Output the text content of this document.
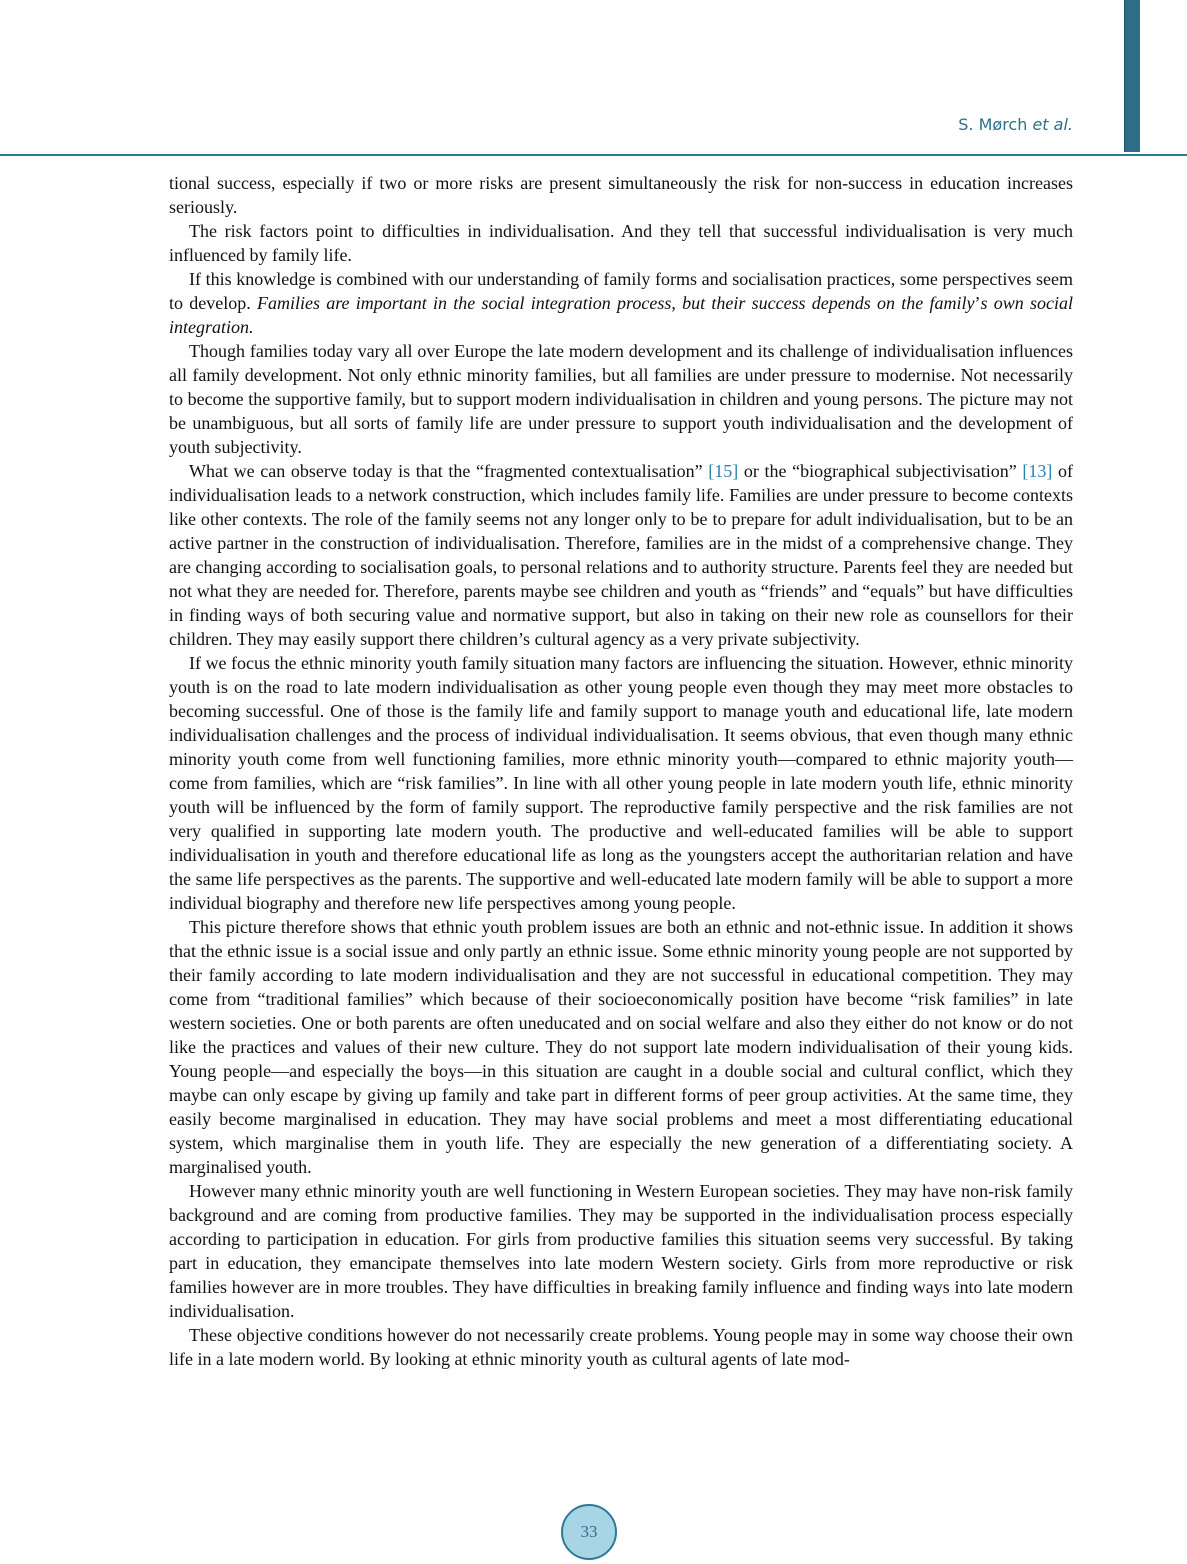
S. Mørch et al.

tional success, especially if two or more risks are present simultaneously the risk for non-success in education increases seriously.

The risk factors point to difficulties in individualisation. And they tell that successful individualisation is very much influenced by family life.

If this knowledge is combined with our understanding of family forms and socialisation practices, some perspectives seem to develop. Families are important in the social integration process, but their success depends on the family’s own social integration.

Though families today vary all over Europe the late modern development and its challenge of individualisation influences all family development. Not only ethnic minority families, but all families are under pressure to modernise. Not necessarily to become the supportive family, but to support modern individualisation in children and young persons. The picture may not be unambiguous, but all sorts of family life are under pressure to support youth individualisation and the development of youth subjectivity.

What we can observe today is that the “fragmented contextualisation” [15] or the “biographical subjectivisation” [13] of individualisation leads to a network construction, which includes family life. Families are under pressure to become contexts like other contexts. The role of the family seems not any longer only to be to prepare for adult individualisation, but to be an active partner in the construction of individualisation. Therefore, families are in the midst of a comprehensive change. They are changing according to socialisation goals, to personal relations and to authority structure. Parents feel they are needed but not what they are needed for. Therefore, parents maybe see children and youth as “friends” and “equals” but have difficulties in finding ways of both securing value and normative support, but also in taking on their new role as counsellors for their children. They may easily support there children’s cultural agency as a very private subjectivity.

If we focus the ethnic minority youth family situation many factors are influencing the situation. However, ethnic minority youth is on the road to late modern individualisation as other young people even though they may meet more obstacles to becoming successful. One of those is the family life and family support to manage youth and educational life, late modern individualisation challenges and the process of individual individualisation. It seems obvious, that even though many ethnic minority youth come from well functioning families, more ethnic minority youth—compared to ethnic majority youth—come from families, which are “risk families”. In line with all other young people in late modern youth life, ethnic minority youth will be influenced by the form of family support. The reproductive family perspective and the risk families are not very qualified in supporting late modern youth. The productive and well-educated families will be able to support individualisation in youth and therefore educational life as long as the youngsters accept the authoritarian relation and have the same life perspectives as the parents. The supportive and well-educated late modern family will be able to support a more individual biography and therefore new life perspectives among young people.

This picture therefore shows that ethnic youth problem issues are both an ethnic and not-ethnic issue. In addition it shows that the ethnic issue is a social issue and only partly an ethnic issue. Some ethnic minority young people are not supported by their family according to late modern individualisation and they are not successful in educational competition. They may come from “traditional families” which because of their socioeconomically position have become “risk families” in late western societies. One or both parents are often uneducated and on social welfare and also they either do not know or do not like the practices and values of their new culture. They do not support late modern individualisation of their young kids. Young people—and especially the boys—in this situation are caught in a double social and cultural conflict, which they maybe can only escape by giving up family and take part in different forms of peer group activities. At the same time, they easily become marginalised in education. They may have social problems and meet a most differentiating educational system, which marginalise them in youth life. They are especially the new generation of a differentiating society. A marginalised youth.

However many ethnic minority youth are well functioning in Western European societies. They may have non-risk family background and are coming from productive families. They may be supported in the individualisation process especially according to participation in education. For girls from productive families this situation seems very successful. By taking part in education, they emancipate themselves into late modern Western society. Girls from more reproductive or risk families however are in more troubles. They have difficulties in breaking family influence and finding ways into late modern individualisation.

These objective conditions however do not necessarily create problems. Young people may in some way choose their own life in a late modern world. By looking at ethnic minority youth as cultural agents of late mod-

33
